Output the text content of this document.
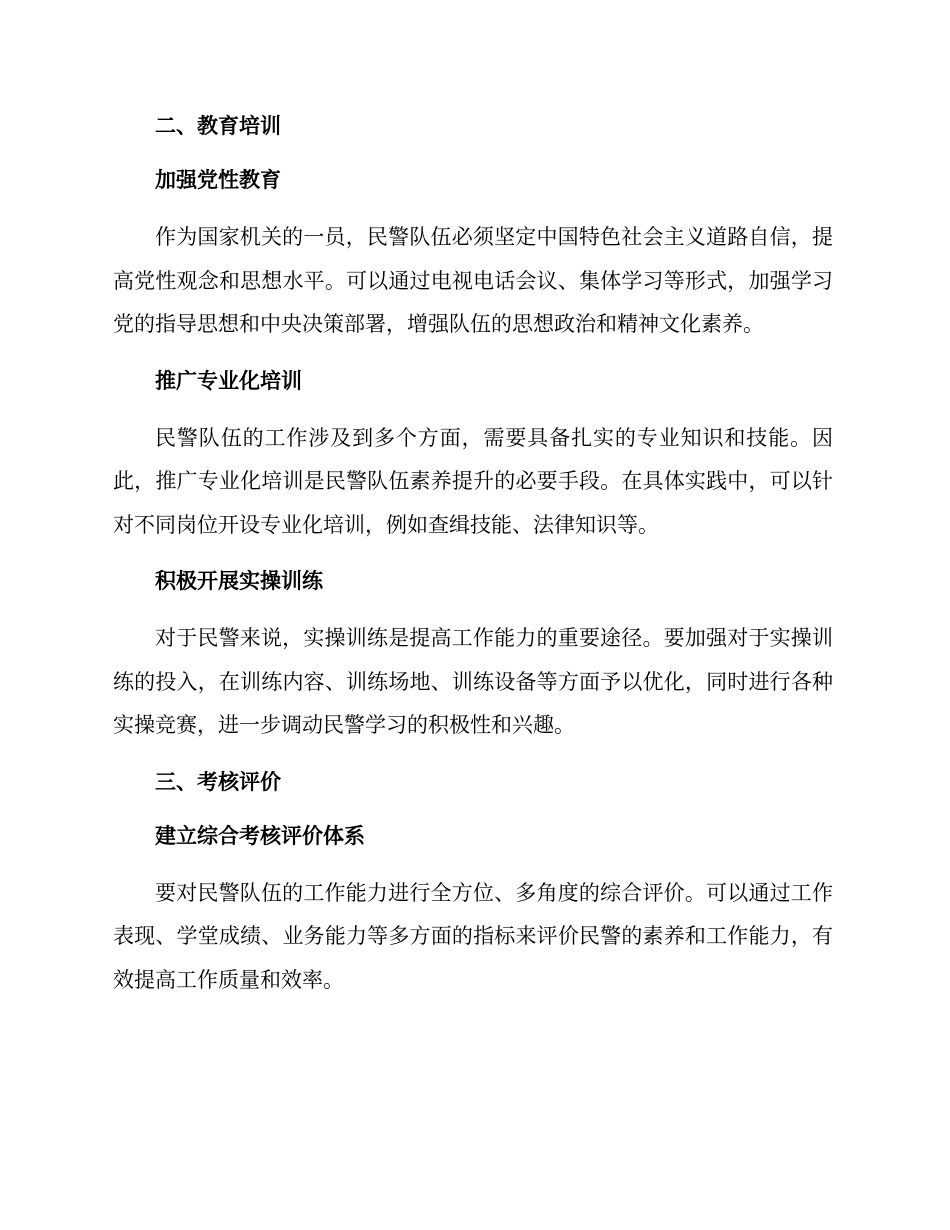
二、教育培训
加强党性教育

作为国家机关的一员，民警队伍必须坚定中国特色社会主义道路自信，提高党性观念和思想水平。可以通过电视电话会议、集体学习等形式，加强学习党的指导思想和中央决策部署，增强队伍的思想政治和精神文化素养。

推广专业化培训

民警队伍的工作涉及到多个方面，需要具备扎实的专业知识和技能。因此，推广专业化培训是民警队伍素养提升的必要手段。在具体实践中，可以针对不同岗位开设专业化培训，例如查缉技能、法律知识等。

积极开展实操训练

对于民警来说，实操训练是提高工作能力的重要途径。要加强对于实操训练的投入，在训练内容、训练场地、训练设备等方面予以优化，同时进行各种实操竞赛，进一步调动民警学习的积极性和兴趣。

三、考核评价
建立综合考核评价体系

要对民警队伍的工作能力进行全方位、多角度的综合评价。可以通过工作表现、学堂成绩、业务能力等多方面的指标来评价民警的素养和工作能力，有效提高工作质量和效率。
